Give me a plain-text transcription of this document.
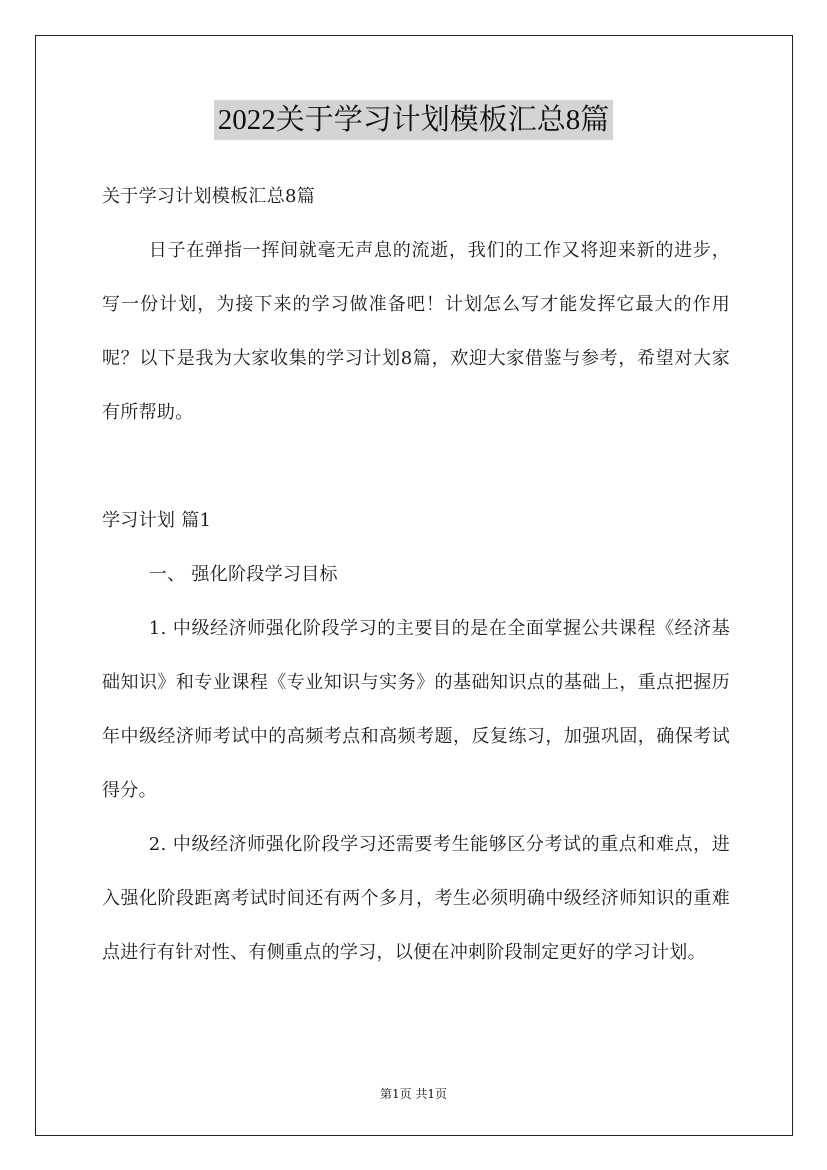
2022关于学习计划模板汇总8篇

关于学习计划模板汇总8篇

日子在弹指一挥间就毫无声息的流逝，我们的工作又将迎来新的进步，写一份计划，为接下来的学习做准备吧！计划怎么写才能发挥它最大的作用呢？以下是我为大家收集的学习计划8篇，欢迎大家借鉴与参考，希望对大家有所帮助。

学习计划 篇1

一、 强化阶段学习目标

1. 中级经济师强化阶段学习的主要目的是在全面掌握公共课程《经济基础知识》和专业课程《专业知识与实务》的基础知识点的基础上，重点把握历年中级经济师考试中的高频考点和高频考题，反复练习，加强巩固，确保考试得分。

2. 中级经济师强化阶段学习还需要考生能够区分考试的重点和难点，进入强化阶段距离考试时间还有两个多月，考生必须明确中级经济师知识的重难点进行有针对性、有侧重点的学习，以便在冲刺阶段制定更好的学习计划。

第1页 共1页
